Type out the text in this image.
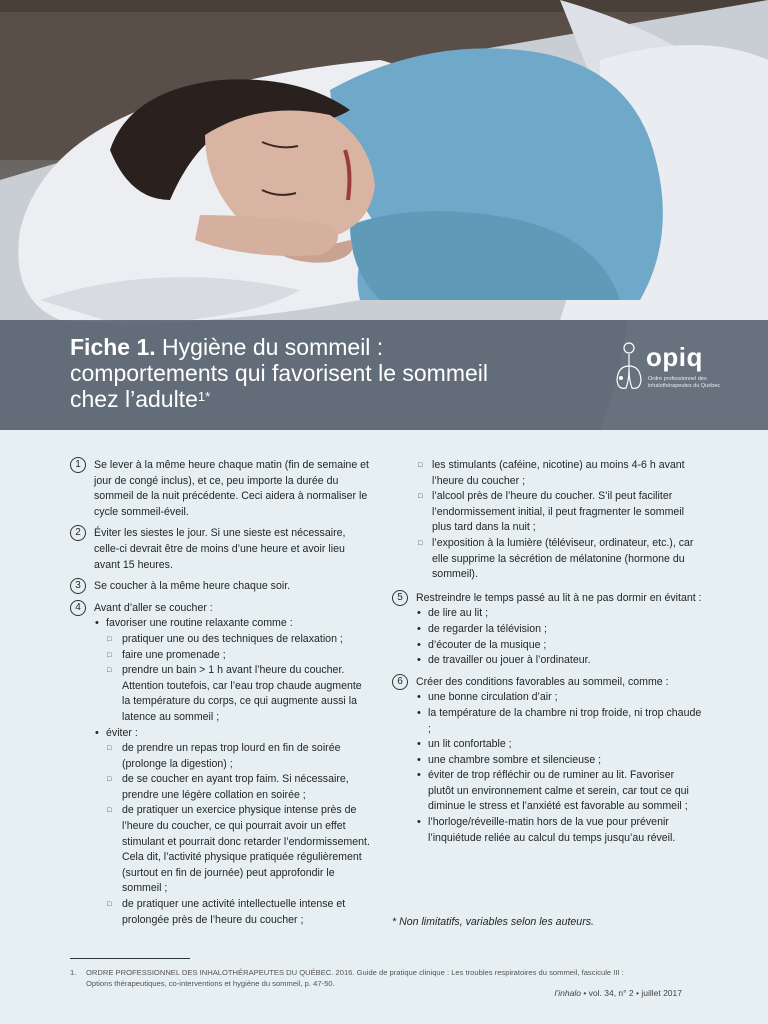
Fiche 1. Hygiène du sommeil :
comportements qui favorisent le sommeil
chez l’adulte$^{1*}$
opiq
Ordre professionnel des inhalothérapeutes du Québec
1	Se lever à la même heure chaque matin (fin de semaine et jour de congé inclus), et ce, peu importe la durée du sommeil de la nuit précédente. Ceci aidera à normaliser le cycle sommeil-éveil.
2	Éviter les siestes le jour. Si une sieste est nécessaire, celle-ci devrait être de moins d’une heure et avoir lieu avant 15 heures.
3	Se coucher à la même heure chaque soir.
4	Avant d’aller se coucher :
• favoriser une routine relaxante comme :
□ pratiquer une ou des techniques de relaxation ;
□ faire une promenade ;
□ prendre un bain > 1 h avant l’heure du coucher. Attention toutefois, car l’eau trop chaude augmente la température du corps, ce qui augmente aussi la latence au sommeil ;
• éviter :
□ de prendre un repas trop lourd en fin de soirée (prolonge la digestion) ;
□ de se coucher en ayant trop faim. Si nécessaire, prendre une légère collation en soirée ;
□ de pratiquer un exercice physique intense près de l’heure du coucher, ce qui pourrait avoir un effet stimulant et pourrait donc retarder l’endormissement. Cela dit, l’activité physique pratiquée régulièrement (surtout en fin de journée) peut approfondir le sommeil ;
□ de pratiquer une activité intellectuelle intense et prolongée près de l’heure du coucher ;
□ les stimulants (caféine, nicotine) au moins 4-6 h avant l’heure du coucher ;
□ l’alcool près de l’heure du coucher. S’il peut faciliter l’endormissement initial, il peut fragmenter le sommeil plus tard dans la nuit ;
□ l’exposition à la lumière (téléviseur, ordinateur, etc.), car elle supprime la sécrétion de mélatonine (hormone du sommeil).
5	Restreindre le temps passé au lit à ne pas dormir en évitant :
• de lire au lit ;
• de regarder la télévision ;
• d’écouter de la musique ;
• de travailler ou jouer à l’ordinateur.
6	Créer des conditions favorables au sommeil, comme :
• une bonne circulation d’air ;
• la température de la chambre ni trop froide, ni trop chaude ;
• un lit confortable ;
• une chambre sombre et silencieuse ;
• éviter de trop réfléchir ou de ruminer au lit. Favoriser plutôt un environnement calme et serein, car tout ce qui diminue le stress et l’anxiété est favorable au sommeil ;
• l’horloge/réveille-matin hors de la vue pour prévenir l’inquiétude reliée au calcul du temps jusqu’au réveil.
* Non limitatifs, variables selon les auteurs.
1.	ORDRE PROFESSIONNEL DES INHALOTHÉRAPEUTES DU QUÉBEC. 2016. Guide de pratique clinique : Les troubles respiratoires du sommeil, fascicule III : Options thérapeutiques, co-interventions et hygiène du sommeil, p. 47-50.
l’inhalo • vol. 34, n° 2 • juillet 2017
